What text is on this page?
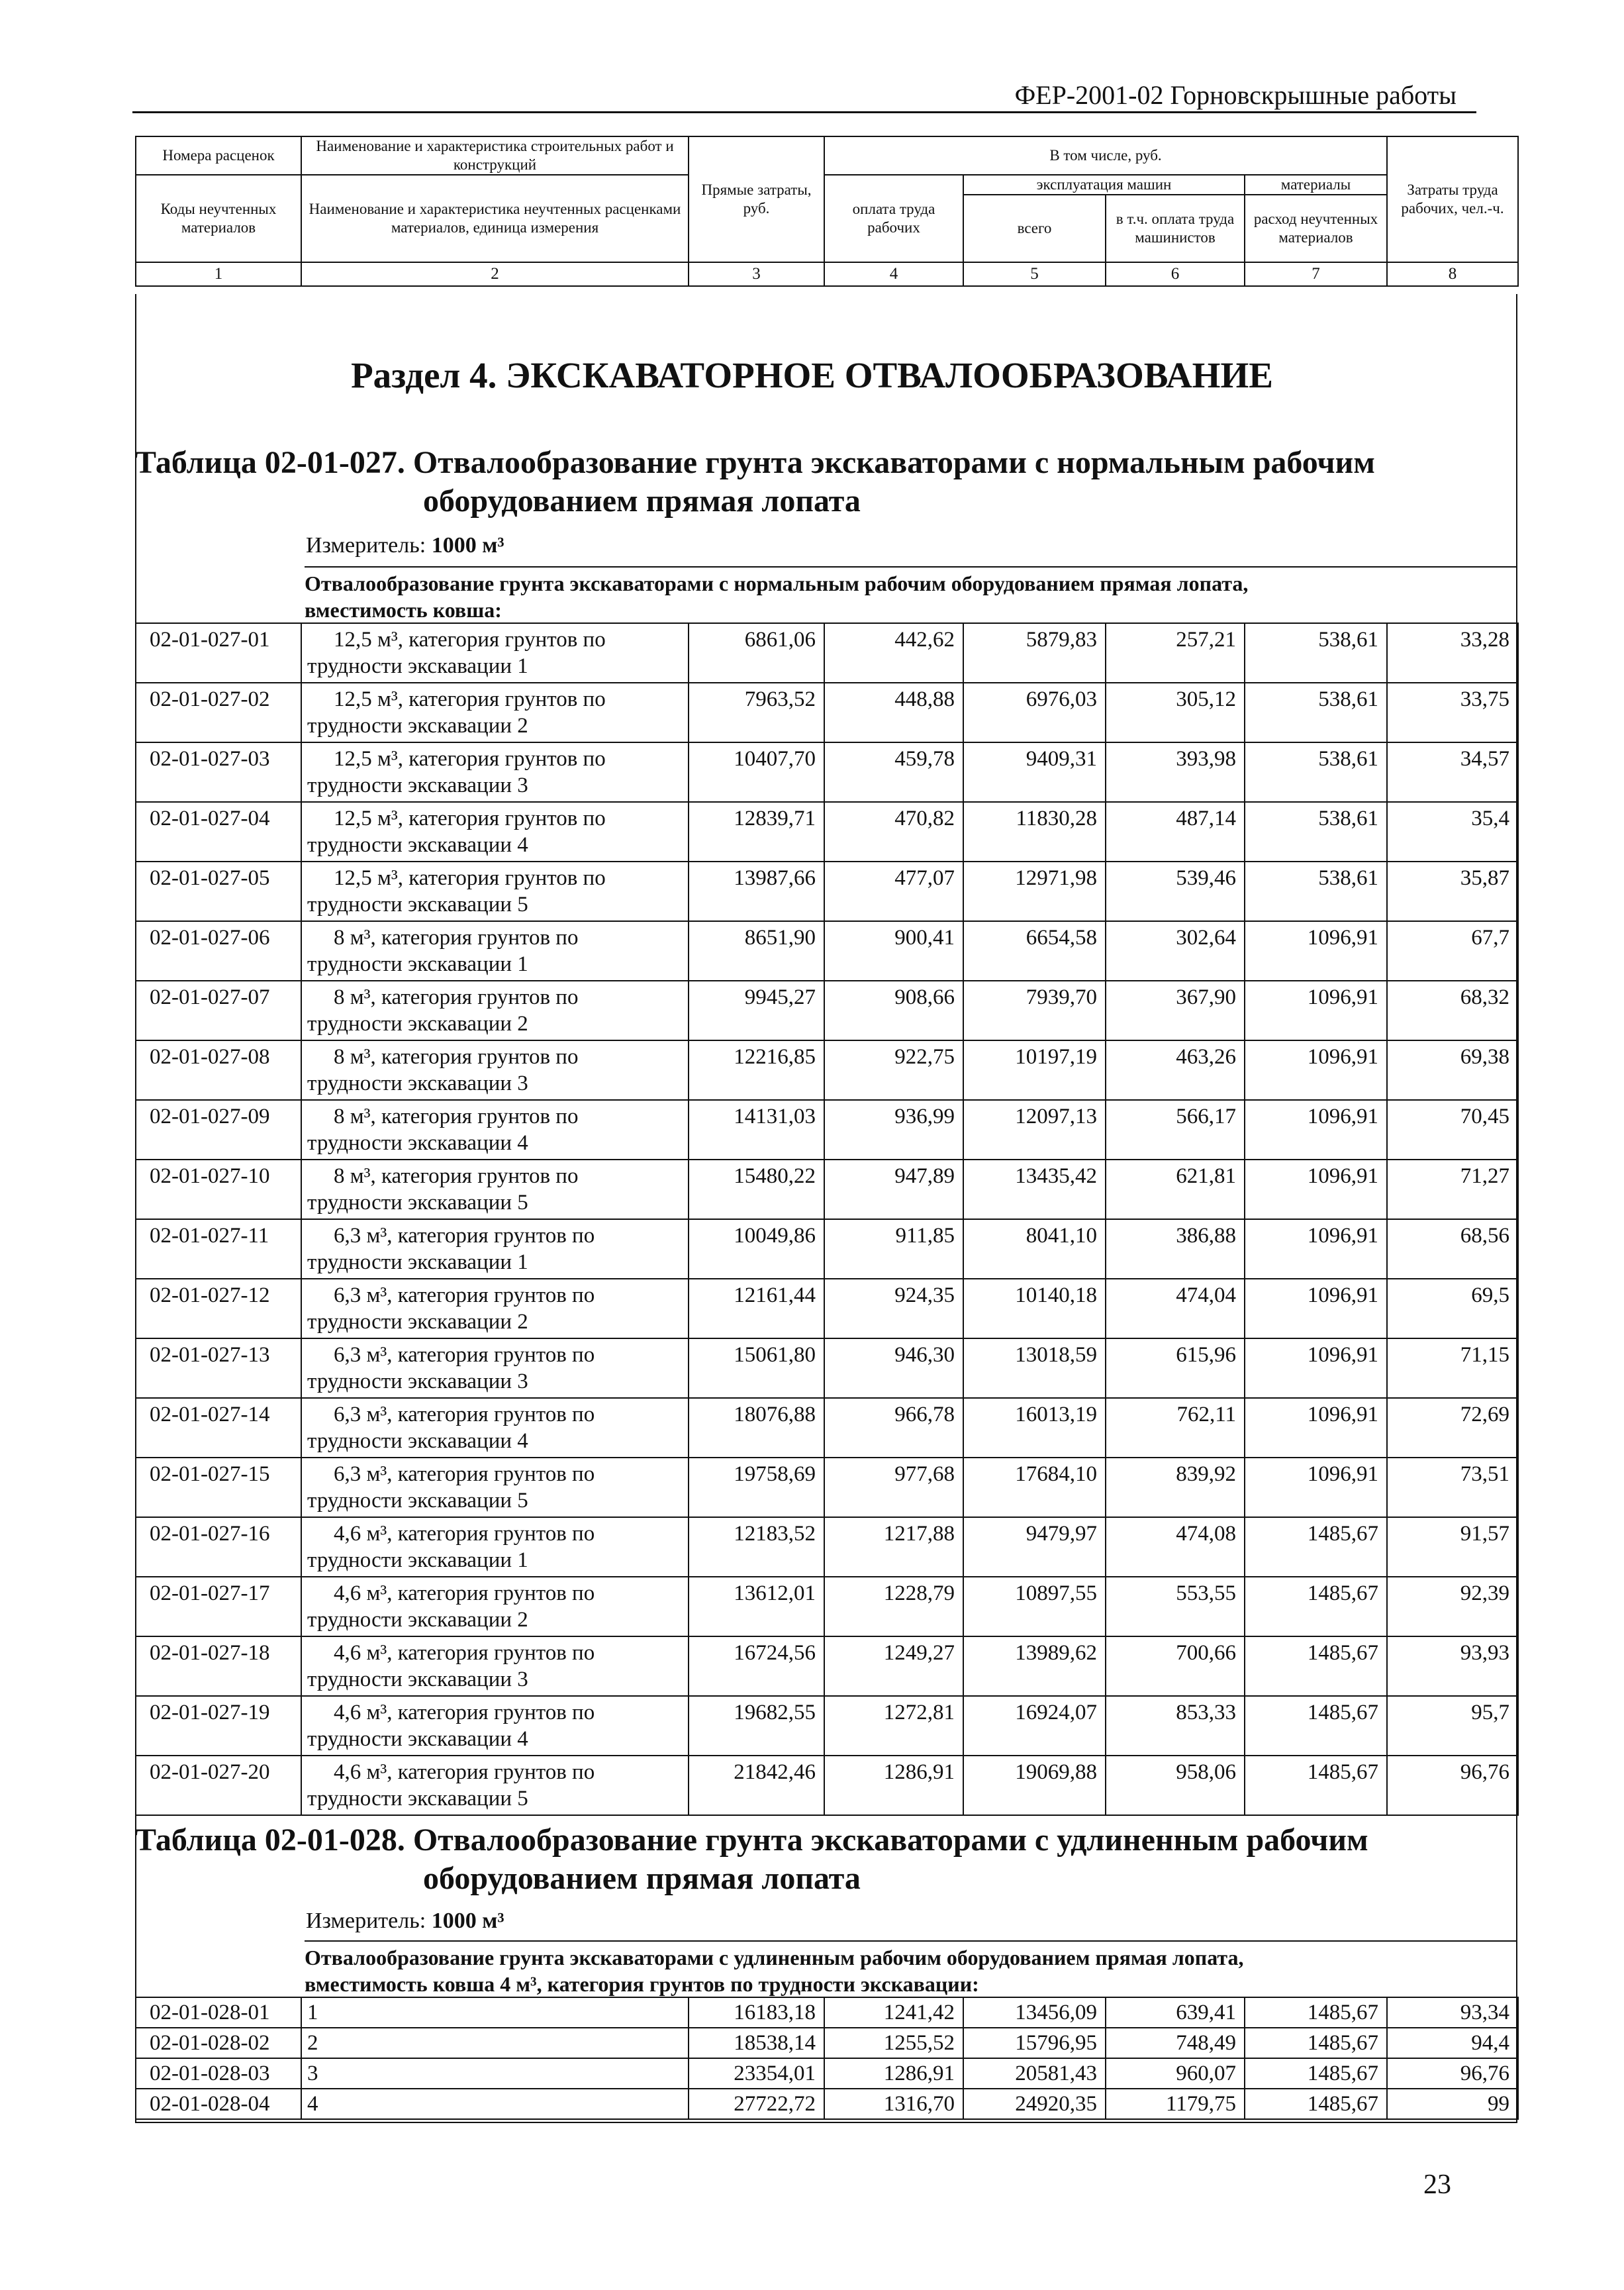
ФЕР-2001-02 Горновскрышные работы
Номера расценок	Наименование и характеристика строительных работ и конструкций	Прямые затраты, руб.	В том числе, руб.				Затраты труда рабочих, чел.-ч.
Коды неучтенных материалов	Наименование и характеристика неучтенных расценками материалов, единица измерения		оплата труда рабочих	эксплуатация машин		материалы	
				всего	в т.ч. оплата труда машинистов	расход неучтенных материалов	

1	2	3	4	5	6	7	8
Раздел 4. ЭКСКАВАТОРНОЕ ОТВАЛООБРАЗОВАНИЕ
Таблица 02-01-027. Отвалообразование грунта экскаваторами с нормальным рабочим
оборудованием прямая лопата
Измеритель: 1000 м³
Отвалообразование грунта экскаваторами с нормальным рабочим оборудованием прямая лопата,
вместимость ковша:
02-01-027-01	12,5 м³, категория грунтов по
трудности экскавации 1	6861,06	442,62	5879,83	257,21	538,61	33,28
02-01-027-02	12,5 м³, категория грунтов по
трудности экскавации 2	7963,52	448,88	6976,03	305,12	538,61	33,75
02-01-027-03	12,5 м³, категория грунтов по
трудности экскавации 3	10407,70	459,78	9409,31	393,98	538,61	34,57
02-01-027-04	12,5 м³, категория грунтов по
трудности экскавации 4	12839,71	470,82	11830,28	487,14	538,61	35,4
02-01-027-05	12,5 м³, категория грунтов по
трудности экскавации 5	13987,66	477,07	12971,98	539,46	538,61	35,87
02-01-027-06	8 м³, категория грунтов по
трудности экскавации 1	8651,90	900,41	6654,58	302,64	1096,91	67,7
02-01-027-07	8 м³, категория грунтов по
трудности экскавации 2	9945,27	908,66	7939,70	367,90	1096,91	68,32
02-01-027-08	8 м³, категория грунтов по
трудности экскавации 3	12216,85	922,75	10197,19	463,26	1096,91	69,38
02-01-027-09	8 м³, категория грунтов по
трудности экскавации 4	14131,03	936,99	12097,13	566,17	1096,91	70,45
02-01-027-10	8 м³, категория грунтов по
трудности экскавации 5	15480,22	947,89	13435,42	621,81	1096,91	71,27
02-01-027-11	6,3 м³, категория грунтов по
трудности экскавации 1	10049,86	911,85	8041,10	386,88	1096,91	68,56
02-01-027-12	6,3 м³, категория грунтов по
трудности экскавации 2	12161,44	924,35	10140,18	474,04	1096,91	69,5
02-01-027-13	6,3 м³, категория грунтов по
трудности экскавации 3	15061,80	946,30	13018,59	615,96	1096,91	71,15
02-01-027-14	6,3 м³, категория грунтов по
трудности экскавации 4	18076,88	966,78	16013,19	762,11	1096,91	72,69
02-01-027-15	6,3 м³, категория грунтов по
трудности экскавации 5	19758,69	977,68	17684,10	839,92	1096,91	73,51
02-01-027-16	4,6 м³, категория грунтов по
трудности экскавации 1	12183,52	1217,88	9479,97	474,08	1485,67	91,57
02-01-027-17	4,6 м³, категория грунтов по
трудности экскавации 2	13612,01	1228,79	10897,55	553,55	1485,67	92,39
02-01-027-18	4,6 м³, категория грунтов по
трудности экскавации 3	16724,56	1249,27	13989,62	700,66	1485,67	93,93
02-01-027-19	4,6 м³, категория грунтов по
трудности экскавации 4	19682,55	1272,81	16924,07	853,33	1485,67	95,7
02-01-027-20	4,6 м³, категория грунтов по
трудности экскавации 5	21842,46	1286,91	19069,88	958,06	1485,67	96,76
Таблица 02-01-028. Отвалообразование грунта экскаваторами с удлиненным рабочим
оборудованием прямая лопата
Измеритель: 1000 м³
Отвалообразование грунта экскаваторами с удлиненным рабочим оборудованием прямая лопата,
вместимость ковша 4 м³, категория грунтов по трудности экскавации:
02-01-028-01	1	16183,18	1241,42	13456,09	639,41	1485,67	93,34
02-01-028-02	2	18538,14	1255,52	15796,95	748,49	1485,67	94,4
02-01-028-03	3	23354,01	1286,91	20581,43	960,07	1485,67	96,76
02-01-028-04	4	27722,72	1316,70	24920,35	1179,75	1485,67	99
23
